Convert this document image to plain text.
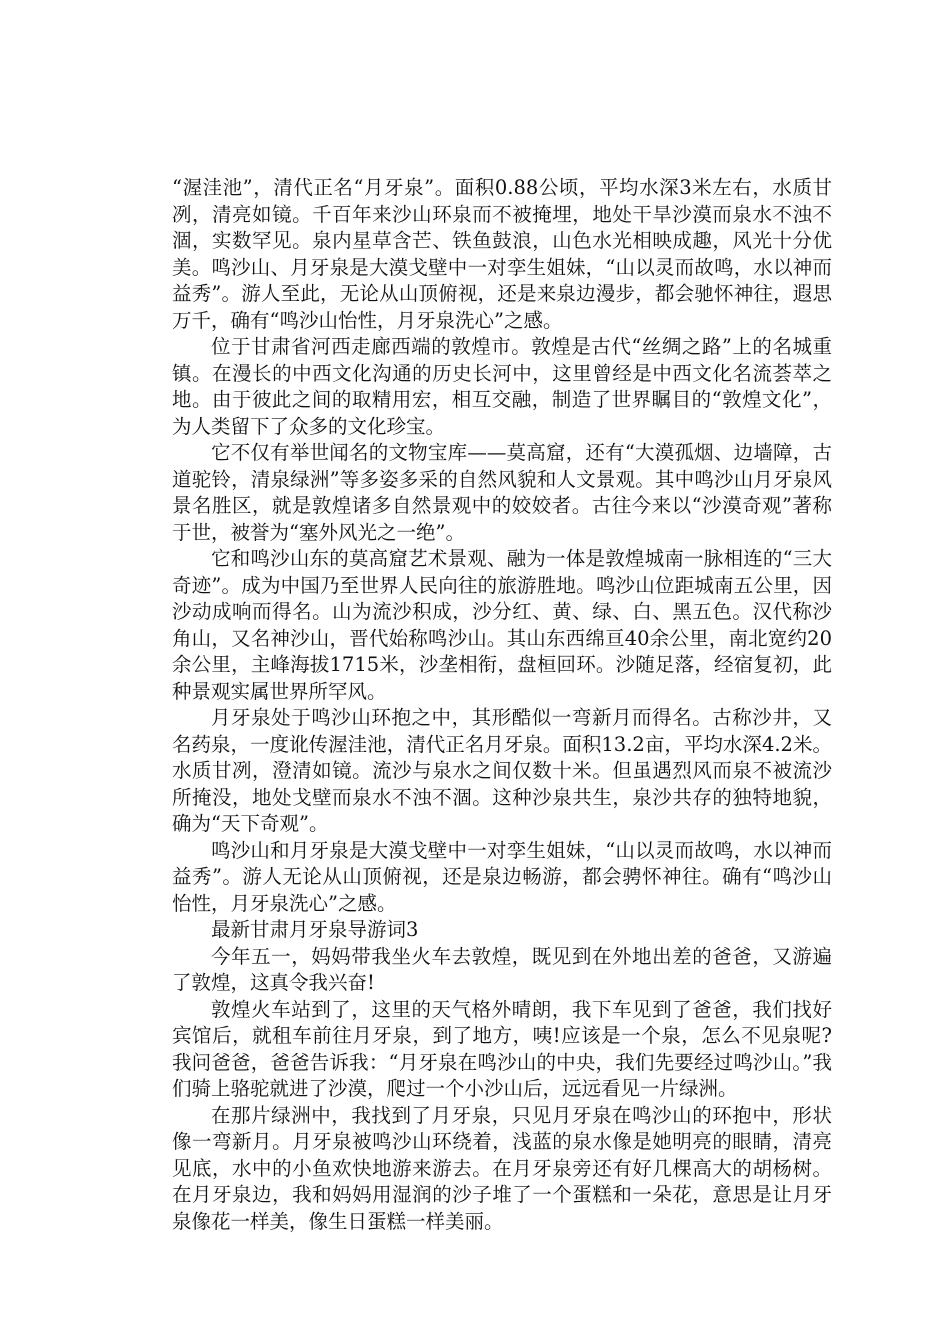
“渥洼池”，清代正名“月牙泉”。面积0.88公顷，平均水深3米左右，水质甘冽，清亮如镜。千百年来沙山环泉而不被掩埋，地处干旱沙漠而泉水不浊不涸，实数罕见。泉内星草含芒、铁鱼鼓浪，山色水光相映成趣，风光十分优美。鸣沙山、月牙泉是大漠戈壁中一对孪生姐妹，“山以灵而故鸣，水以神而益秀”。游人至此，无论从山顶俯视，还是来泉边漫步，都会驰怀神往，遐思万千，确有“鸣沙山怡性，月牙泉洗心”之感。

位于甘肃省河西走廊西端的敦煌市。敦煌是古代“丝绸之路”上的名城重镇。在漫长的中西文化沟通的历史长河中，这里曾经是中西文化名流荟萃之地。由于彼此之间的取精用宏，相互交融，制造了世界瞩目的“敦煌文化”，为人类留下了众多的文化珍宝。

它不仅有举世闻名的文物宝库——莫高窟，还有“大漠孤烟、边墙障，古道驼铃，清泉绿洲”等多姿多采的自然风貌和人文景观。其中鸣沙山月牙泉风景名胜区，就是敦煌诸多自然景观中的姣姣者。古往今来以“沙漠奇观”著称于世，被誉为“塞外风光之一绝”。

它和鸣沙山东的莫高窟艺术景观、融为一体是敦煌城南一脉相连的“三大奇迹”。成为中国乃至世界人民向往的旅游胜地。鸣沙山位距城南五公里，因沙动成响而得名。山为流沙积成，沙分红、黄、绿、白、黑五色。汉代称沙角山，又名神沙山，晋代始称鸣沙山。其山东西绵亘40余公里，南北宽约20余公里，主峰海拔1715米，沙垄相衔，盘桓回环。沙随足落，经宿复初，此种景观实属世界所罕风。

月牙泉处于鸣沙山环抱之中，其形酷似一弯新月而得名。古称沙井，又名药泉，一度讹传渥洼池，清代正名月牙泉。面积13.2亩，平均水深4.2米。水质甘冽，澄清如镜。流沙与泉水之间仅数十米。但虽遇烈风而泉不被流沙所掩没，地处戈壁而泉水不浊不涸。这种沙泉共生，泉沙共存的独特地貌，确为“天下奇观”。

鸣沙山和月牙泉是大漠戈壁中一对孪生姐妹，“山以灵而故鸣，水以神而益秀”。游人无论从山顶俯视，还是泉边畅游，都会骋怀神往。确有“鸣沙山怡性，月牙泉洗心”之感。

最新甘肃月牙泉导游词3

今年五一，妈妈带我坐火车去敦煌，既见到在外地出差的爸爸，又游遍了敦煌，这真令我兴奋!

敦煌火车站到了，这里的天气格外晴朗，我下车见到了爸爸，我们找好宾馆后，就租车前往月牙泉，到了地方，咦!应该是一个泉，怎么不见泉呢?我问爸爸，爸爸告诉我：“月牙泉在鸣沙山的中央，我们先要经过鸣沙山。”我们骑上骆驼就进了沙漠，爬过一个小沙山后，远远看见一片绿洲。

在那片绿洲中，我找到了月牙泉，只见月牙泉在鸣沙山的环抱中，形状像一弯新月。月牙泉被鸣沙山环绕着，浅蓝的泉水像是她明亮的眼睛，清亮见底，水中的小鱼欢快地游来游去。在月牙泉旁还有好几棵高大的胡杨树。在月牙泉边，我和妈妈用湿润的沙子堆了一个蛋糕和一朵花，意思是让月牙泉像花一样美，像生日蛋糕一样美丽。
